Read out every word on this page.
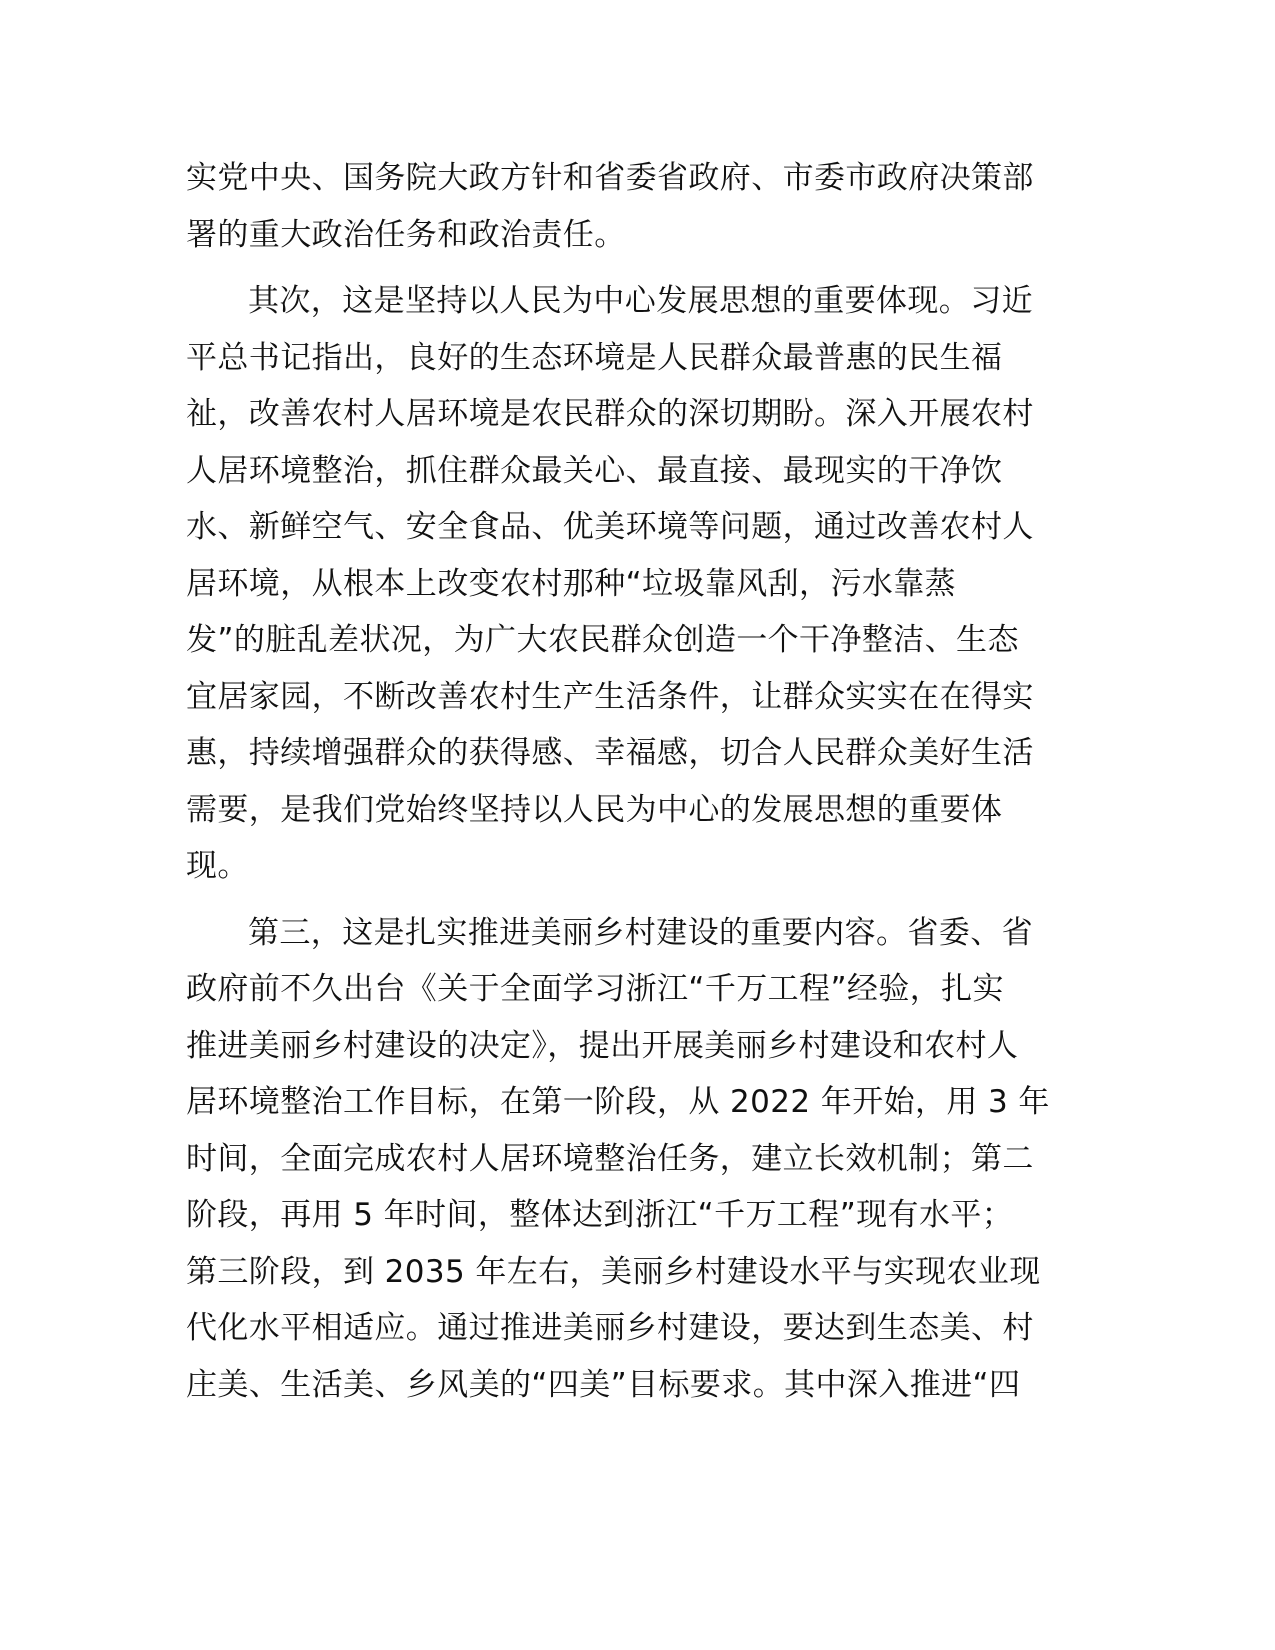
实党中央、国务院大政方针和省委省政府、市委市政府决策部
署的重大政治任务和政治责任。
其次，这是坚持以人民为中心发展思想的重要体现。习近
平总书记指出，良好的生态环境是人民群众最普惠的民生福
祉，改善农村人居环境是农民群众的深切期盼。深入开展农村
人居环境整治，抓住群众最关心、最直接、最现实的干净饮
水、新鲜空气、安全食品、优美环境等问题，通过改善农村人
居环境，从根本上改变农村那种“垃圾靠风刮，污水靠蒸
发”的脏乱差状况，为广大农民群众创造一个干净整洁、生态
宜居家园，不断改善农村生产生活条件，让群众实实在在得实
惠，持续增强群众的获得感、幸福感，切合人民群众美好生活
需要，是我们党始终坚持以人民为中心的发展思想的重要体
现。
第三，这是扎实推进美丽乡村建设的重要内容。省委、省
政府前不久出台《关于全面学习浙江“千万工程”经验，扎实
推进美丽乡村建设的决定》，提出开展美丽乡村建设和农村人
居环境整治工作目标，在第一阶段，从 2022 年开始，用 3 年
时间，全面完成农村人居环境整治任务，建立长效机制；第二
阶段，再用 5 年时间，整体达到浙江“千万工程”现有水平；
第三阶段，到 2035 年左右，美丽乡村建设水平与实现农业现
代化水平相适应。通过推进美丽乡村建设，要达到生态美、村
庄美、生活美、乡风美的“四美”目标要求。其中深入推进“四
